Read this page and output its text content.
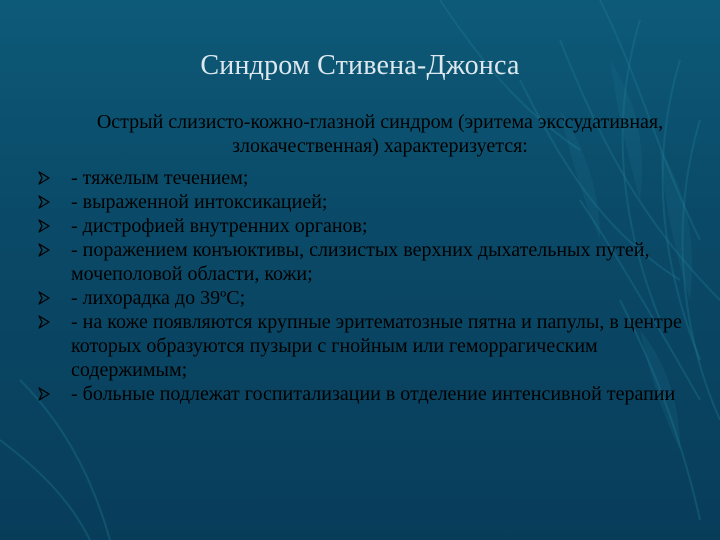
Синдром Стивена-Джонса
Острый слизисто-кожно-глазной синдром (эритема экссудативная, злокачественная) характеризуется:
- тяжелым течением;
- выраженной интоксикацией;
- дистрофией внутренних органов;
- поражением конъюктивы, слизистых верхних дыхательных путей, мочеполовой области, кожи;
- лихорадка до 39ºС;
- на коже появляются крупные эритематозные пятна и папулы, в центре которых образуются пузыри с гнойным или геморрагическим содержимым;
- больные подлежат госпитализации в отделение интенсивной терапии
